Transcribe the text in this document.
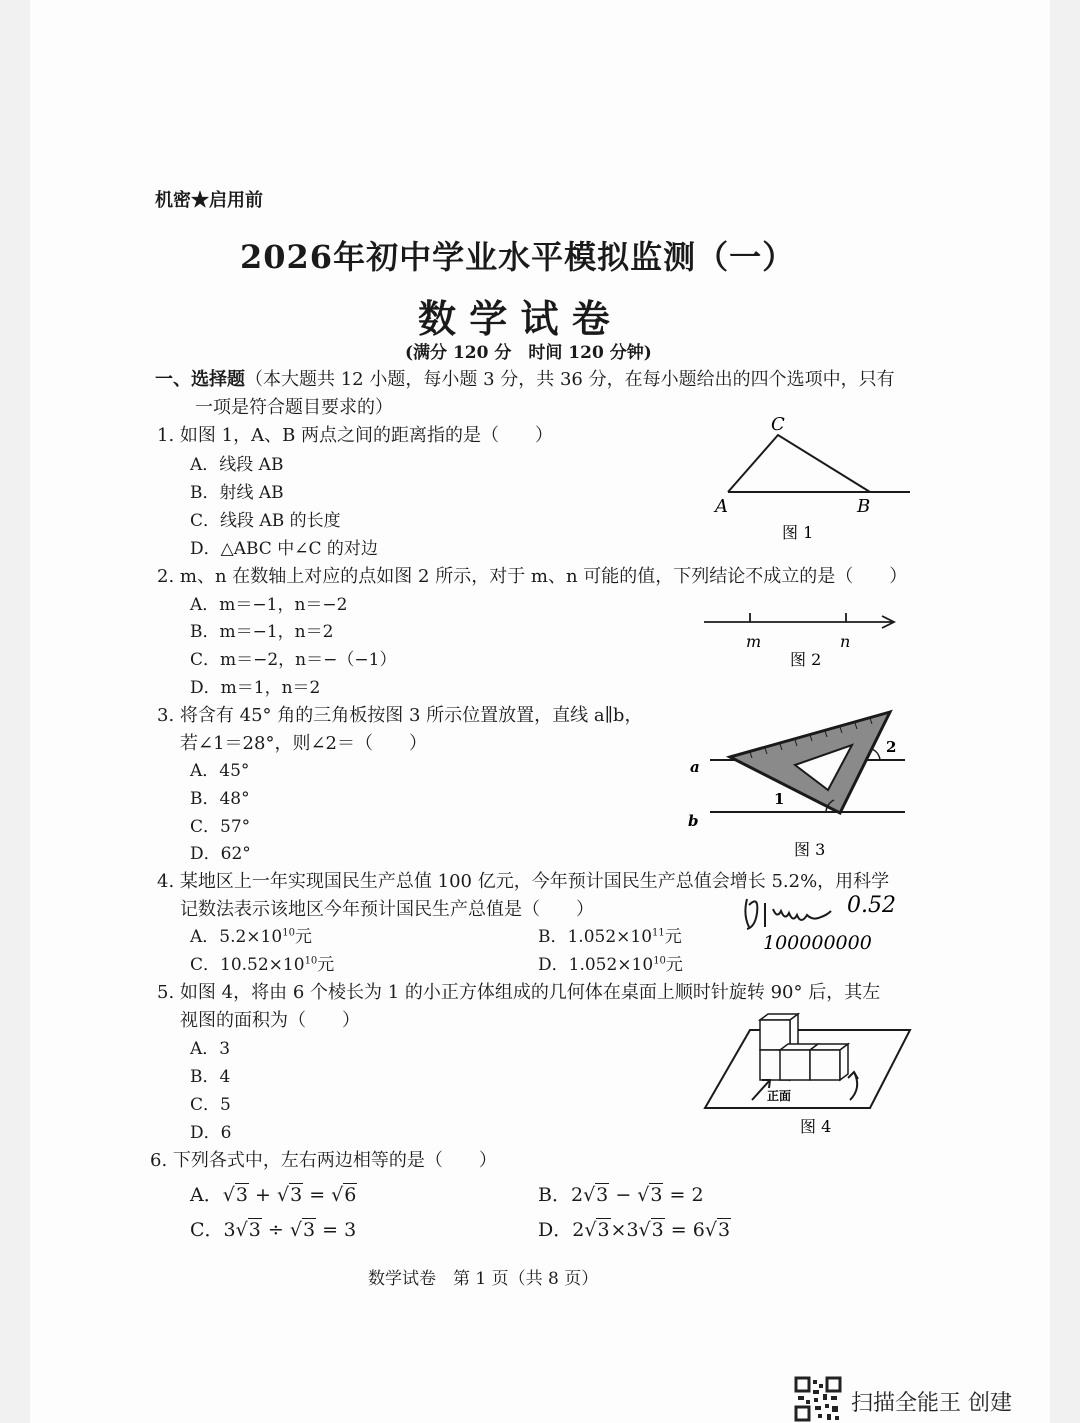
机密★启用前
2026年初中学业水平模拟监测（一）
数 学 试 卷
(满分 120 分　时间 120 分钟)
一、选择题（本大题共 12 小题，每小题 3 分，共 36 分，在每小题给出的四个选项中，只有
一项是符合题目要求的）
1. 如图 1，A、B 两点之间的距离指的是（　　）
A．线段 AB
B．射线 AB
C．线段 AB 的长度
D．△ABC 中∠C 的对边
C
A	B
图 1
2. m、n 在数轴上对应的点如图 2 所示，对于 m、n 可能的值，下列结论不成立的是（　　）
A．m＝−1，n＝−2
B．m＝−1，n＝2
C．m＝−2，n＝−（−1）
D．m＝1，n＝2
m	n
图 2
3. 将含有 45° 角的三角板按图 3 所示位置放置，直线 a∥b，
若∠1＝28°，则∠2＝（　　）
A．45°
B．48°
C．57°
D．62°
a
b
1
2
图 3
4. 某地区上一年实现国民生产总值 100 亿元，今年预计国民生产总值会增长 5.2%，用科学
记数法表示该地区今年预计国民生产总值是（　　）
A．$5.2\times 10^{10}$元	B．$1.052\times 10^{11}$元
C．$10.52\times 10^{10}$元	D．$1.052\times 10^{10}$元
0.52
100000000
5. 如图 4，将由 6 个棱长为 1 的小正方体组成的几何体在桌面上顺时针旋转 90° 后，其左
视图的面积为（　　）
A．3
B．4
C．5
D．6
正面
图 4
6. 下列各式中，左右两边相等的是（　　）
A．√3 + √3 = √6	B．2√3 − √3 = 2
C．3√3 ÷ √3 = 3	D．2√3×3√3 = 6√3
数学试卷　第 1 页（共 8 页）
扫描全能王 创建
